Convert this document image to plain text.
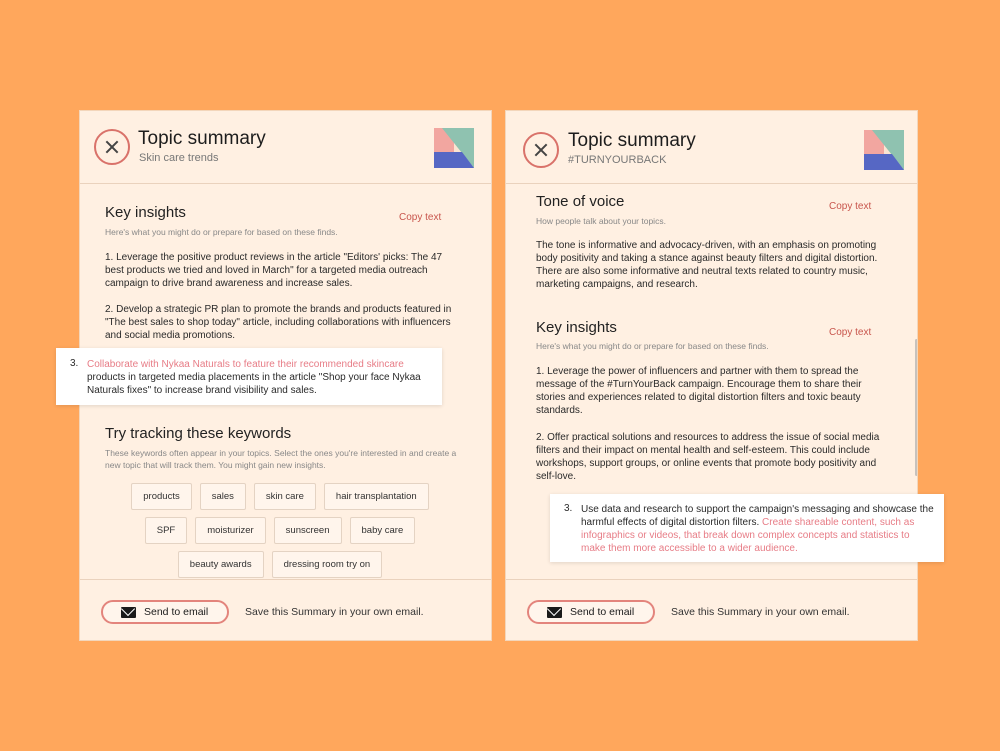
Topic summary
Skin care trends
Key insights	Copy text
Here's what you might do or prepare for based on these finds.
1. Leverage the positive product reviews in the article "Editors' picks: The 47 best products we tried and loved in March" for a targeted media outreach campaign to drive brand awareness and increase sales.
2. Develop a strategic PR plan to promote the brands and products featured in "The best sales to shop today" article, including collaborations with influencers and social media promotions.
Try tracking these keywords
These keywords often appear in your topics. Select the ones you're interested in and create a new topic that will track them. You might gain new insights.
products	sales	skin care	hair transplantation
SPF	moisturizer	sunscreen	baby care
beauty awards	dressing room try on
Send to email	Save this Summary in your own email.
Topic summary
#TURNYOURBACK
Tone of voice	Copy text
How people talk about your topics.
The tone is informative and advocacy-driven, with an emphasis on promoting body positivity and taking a stance against beauty filters and digital distortion. There are also some informative and neutral texts related to country music, marketing campaigns, and research.
Key insights	Copy text
Here's what you might do or prepare for based on these finds.
1. Leverage the power of influencers and partner with them to spread the message of the #TurnYourBack campaign. Encourage them to share their stories and experiences related to digital distortion filters and toxic beauty standards.
2. Offer practical solutions and resources to address the issue of social media filters and their impact on mental health and self-esteem. This could include workshops, support groups, or online events that promote body positivity and self-love.
Send to email	Save this Summary in your own email.
3. Collaborate with Nykaa Naturals to feature their recommended skincare
products in targeted media placements in the article "Shop your face Nykaa Naturals fixes" to increase brand visibility and sales.
3. Use data and research to support the campaign's messaging and showcase the harmful effects of digital distortion filters. Create shareable content, such as infographics or videos, that break down complex concepts and statistics to make them more accessible to a wider audience.
